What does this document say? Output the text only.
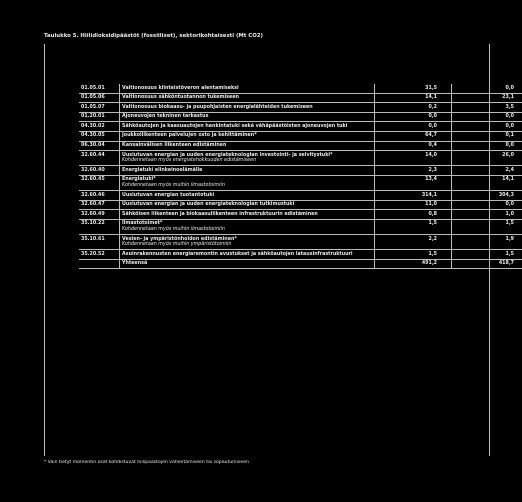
Taulukko 5. Hiilidioksidipäästöt (fossiiliset), sektorikohtaisesti (Mt CO2)
01.05.01	Valtionosuus kiinteistöveron alentamiseksi	31,5	0,0
01.05.06	Valtionosuus sähköntuotannon tukemiseen	14,1	23,1
01.05.07	Valtionosuus biokaasu- ja puupohjaisten energialähteiden tukemiseen	0,2	3,5
01.20.01	Ajoneuvojen tekninen tarkastus	0,0	0,0
04.30.02	Sähköautojen ja kaasuautojen hankintatuki sekä vähäpäästöisten ajoneuvojen tuki	0,0	0,0
04.30.05	Joukkoliikenteen palvelujen osto ja kehittäminen*	64,7	0,1
06.30.04	Kansainvälisen liikenteen edistäminen	0,4	0,0
32.60.44	Uusiutuvan energian ja uuden energiateknologian investointi- ja selvitystuki*
Kohdennetaan myös energiatehokkuuden edistämiseen	14,0	26,0
32.60.40	Energiatuki elinkeinoelämälle	2,3	2,4
32.60.45	Energiatuki*
Kohdennetaan myös muihin ilmastotoimiin	13,4	14,1
32.60.46	Uusiutuvan energian tuotantotuki	314,1	304,3
32.60.47	Uusiutuvan energian ja uuden energiateknologian tutkimustuki	11,0	0,0
32.60.49	Sähköisen liikenteen ja biokaasuliikenteen infrastruktuurin edistäminen	0,8	1,0
35.10.22	Ilmastotoimet*
Kohdennetaan myös muihin ilmastotoimiin	1,5	1,5
35.10.61	Vesien- ja ympäristönhoidon edistäminen*
Kohdennetaan myös muihin ympäristötoimiin	2,2	1,9
35.20.52	Asuinrakennusten energiaremontin avustukset ja sähköautojen latausinfrastruktuuri	1,5	1,5

	Yhteensä	491,2	418,7
* Vain tietyt momentin osat kohdistuvat hiilipäästöjen vähentämiseen tai sopeutumiseen
